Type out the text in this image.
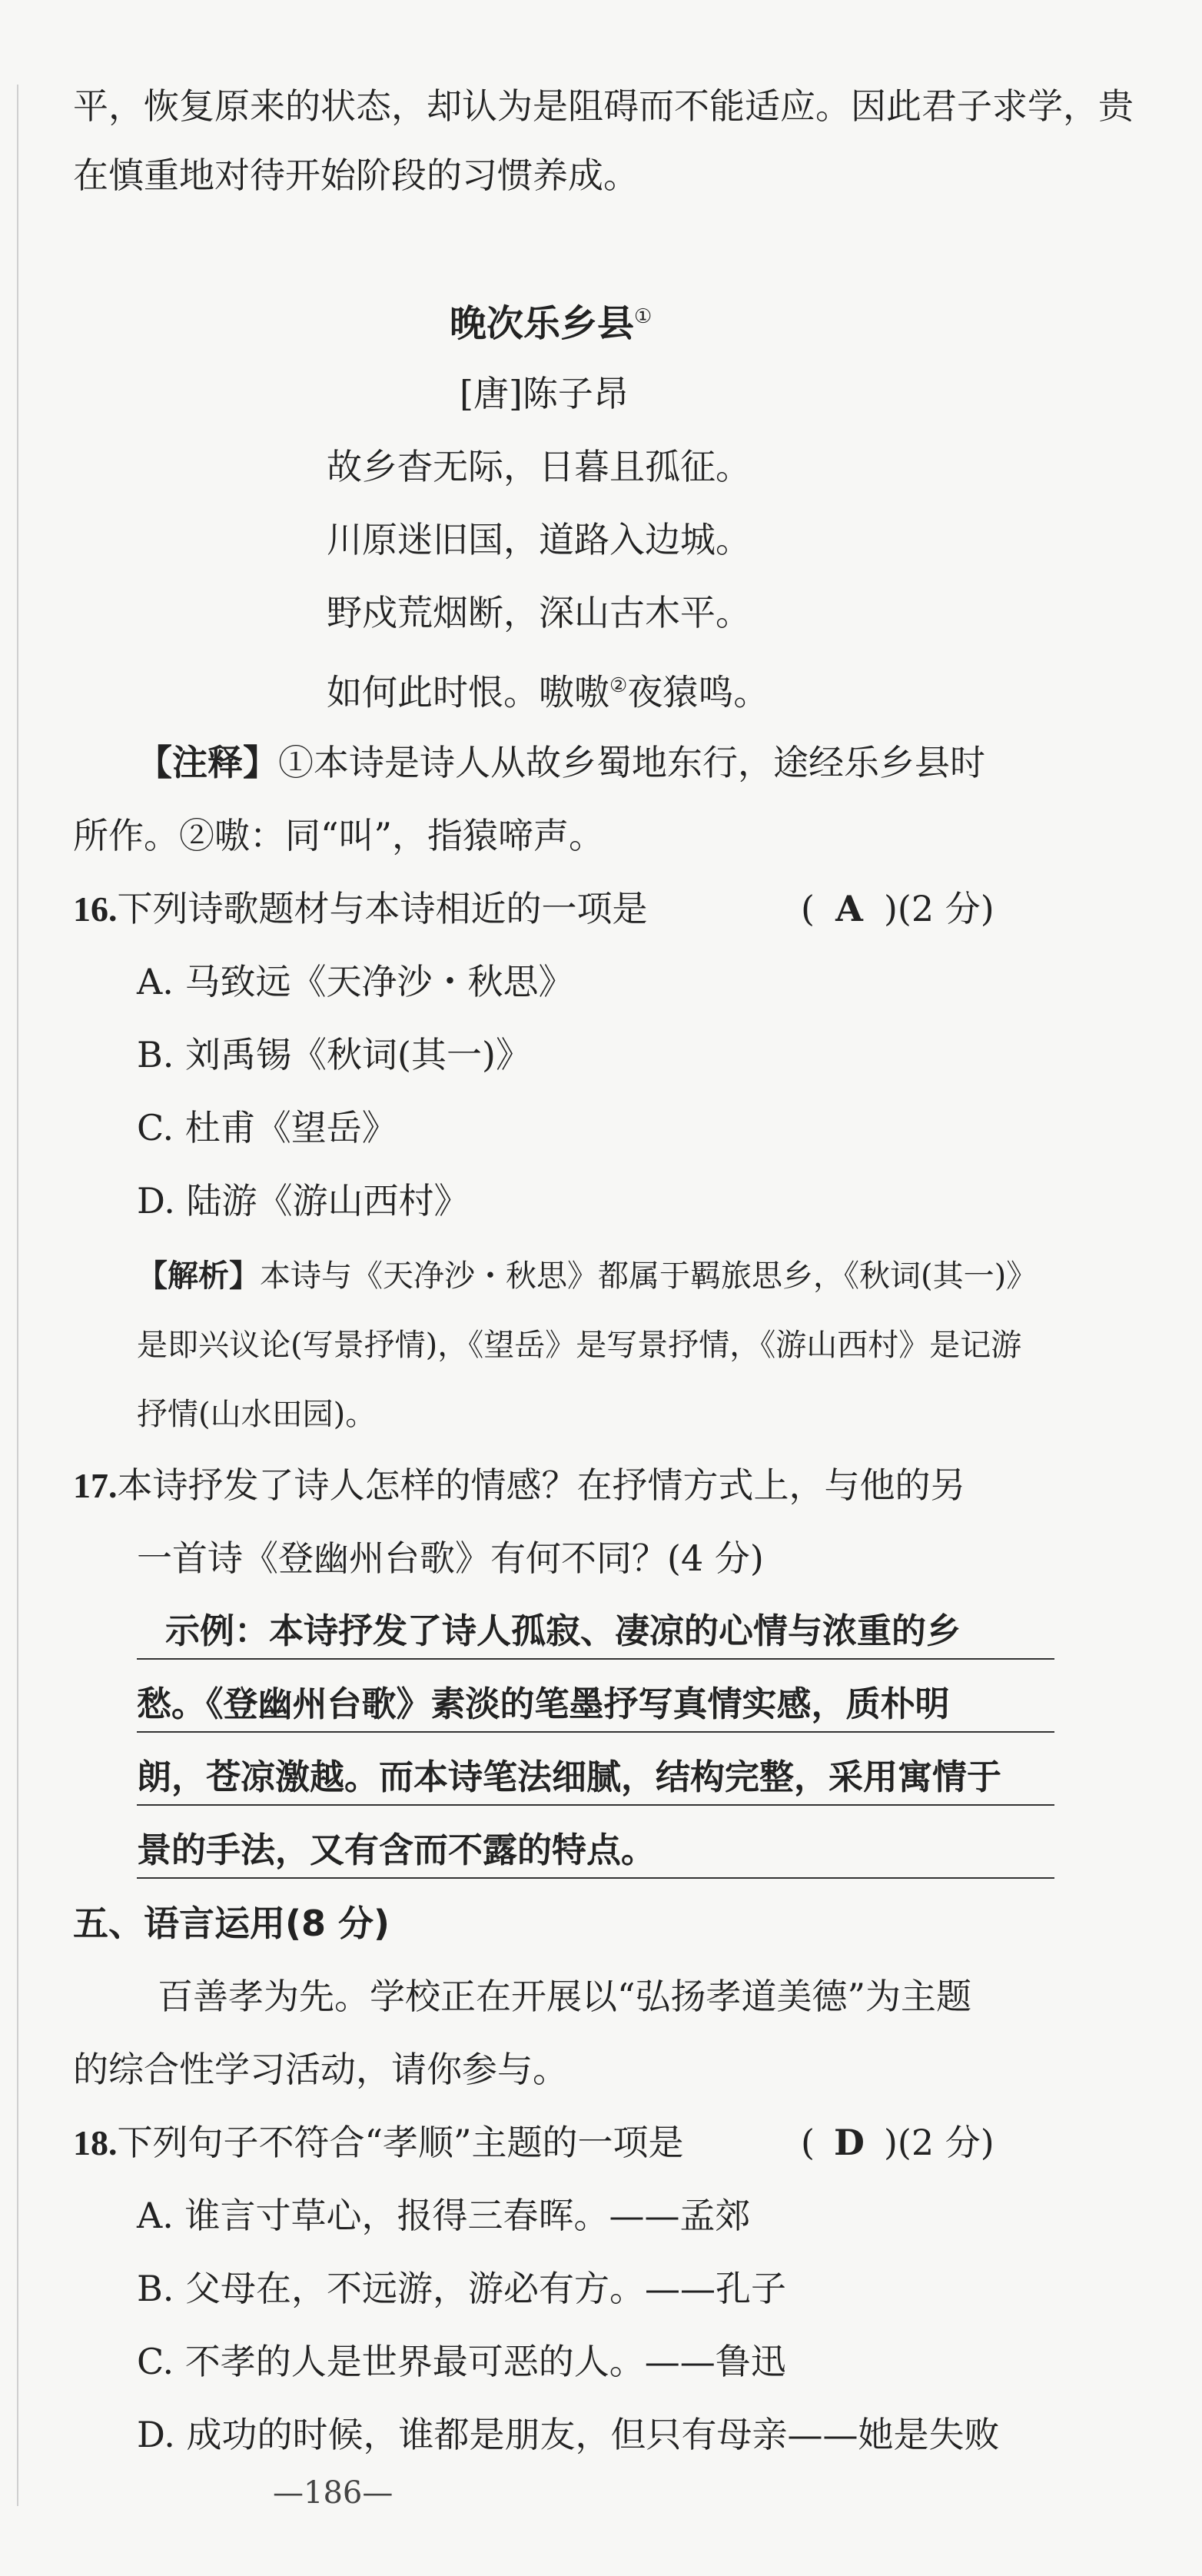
平，恢复原来的状态，却认为是阻碍而不能适应。因此君子求学，贵
在慎重地对待开始阶段的习惯养成。
晚次乐乡县①
[唐]陈子昂
故乡杳无际，日暮且孤征。
川原迷旧国，道路入边城。
野戍荒烟断，深山古木平。
如何此时恨。嗷嗷②夜猿鸣。
【注释】①本诗是诗人从故乡蜀地东行，途经乐乡县时
所作。②嗷：同“叫”，指猿啼声。
16.下列诗歌题材与本诗相近的一项是	( A )(2 分)
A. 马致远《天净沙・秋思》
B. 刘禹锡《秋词(其一)》
C. 杜甫《望岳》
D. 陆游《游山西村》
【解析】本诗与《天净沙・秋思》都属于羁旅思乡，《秋词(其一)》
是即兴议论(写景抒情)，《望岳》是写景抒情，《游山西村》是记游
抒情(山水田园)。
17.本诗抒发了诗人怎样的情感？在抒情方式上，与他的另
一首诗《登幽州台歌》有何不同？(4 分)
示例：本诗抒发了诗人孤寂、凄凉的心情与浓重的乡
愁。《登幽州台歌》素淡的笔墨抒写真情实感，质朴明
朗，苍凉激越。而本诗笔法细腻，结构完整，采用寓情于
景的手法，又有含而不露的特点。
五、语言运用(8 分)
百善孝为先。学校正在开展以“弘扬孝道美德”为主题
的综合性学习活动，请你参与。
18.下列句子不符合“孝顺”主题的一项是	( D )(2 分)
A. 谁言寸草心，报得三春晖。——孟郊
B. 父母在，不远游，游必有方。——孔子
C. 不孝的人是世界最可恶的人。——鲁迅
D. 成功的时候，谁都是朋友，但只有母亲——她是失败
—186—
